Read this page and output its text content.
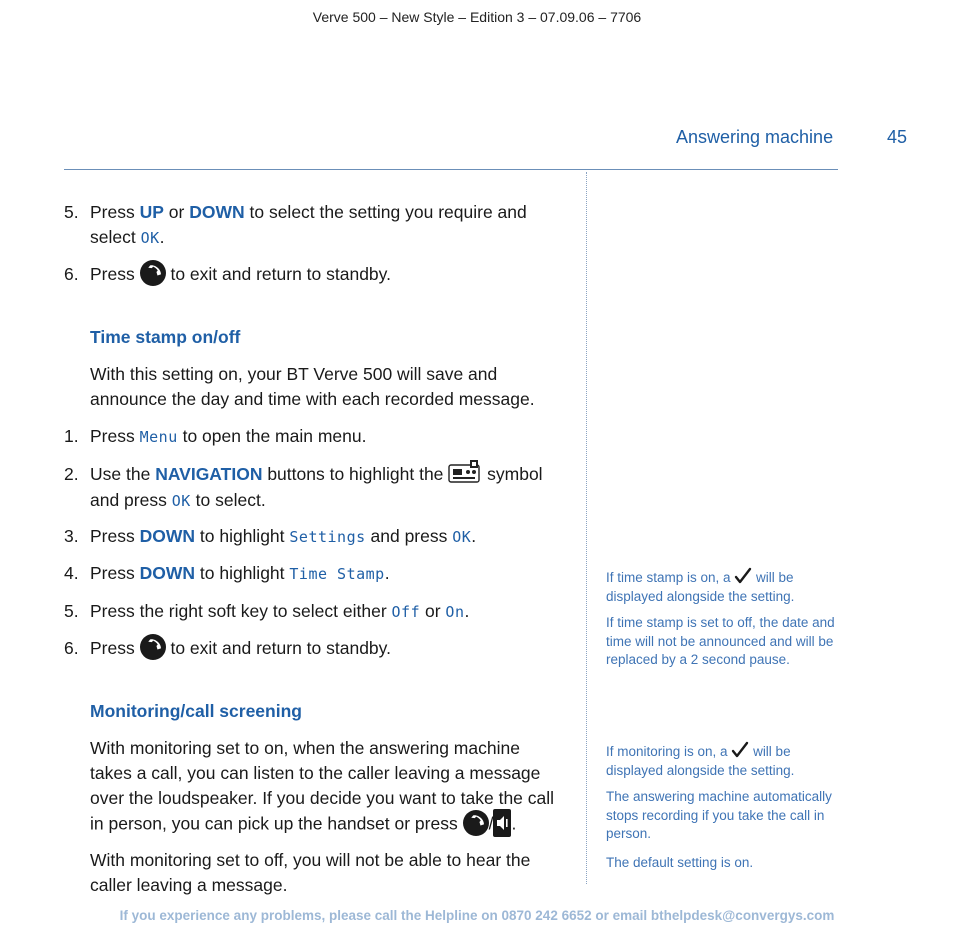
Verve 500 – New Style – Edition 3 – 07.09.06 – 7706
Answering machine	45
5. Press UP or DOWN to select the setting you require and select OK.
6. Press
to exit and return to standby.
Time stamp on/off
With this setting on, your BT Verve 500 will save and announce the day and time with each recorded message.
1. Press Menu to open the main menu.
2. Use the NAVIGATION buttons to highlight the  symbol and press OK to select.
3. Press DOWN to highlight Settings and press OK.
4. Press DOWN to highlight Time Stamp.
5. Press the right soft key to select either Off or On.
6. Press
to exit and return to standby.
Monitoring/call screening
With monitoring set to on, when the answering machine takes a call, you can listen to the caller leaving a message over the loudspeaker. If you decide you want to take the call in person, you can pick up the handset or press
/ .
With monitoring set to off, you will not be able to hear the caller leaving a message.
If time stamp is on, a  will be displayed alongside the setting.
If time stamp is set to off, the date and time will not be announced and will be replaced by a 2 second pause.
If monitoring is on, a  will be displayed alongside the setting.
The answering machine automatically stops recording if you take the call in person.
The default setting is on.
If you experience any problems, please call the Helpline on 0870 242 6652 or email bthelpdesk@convergys.com
